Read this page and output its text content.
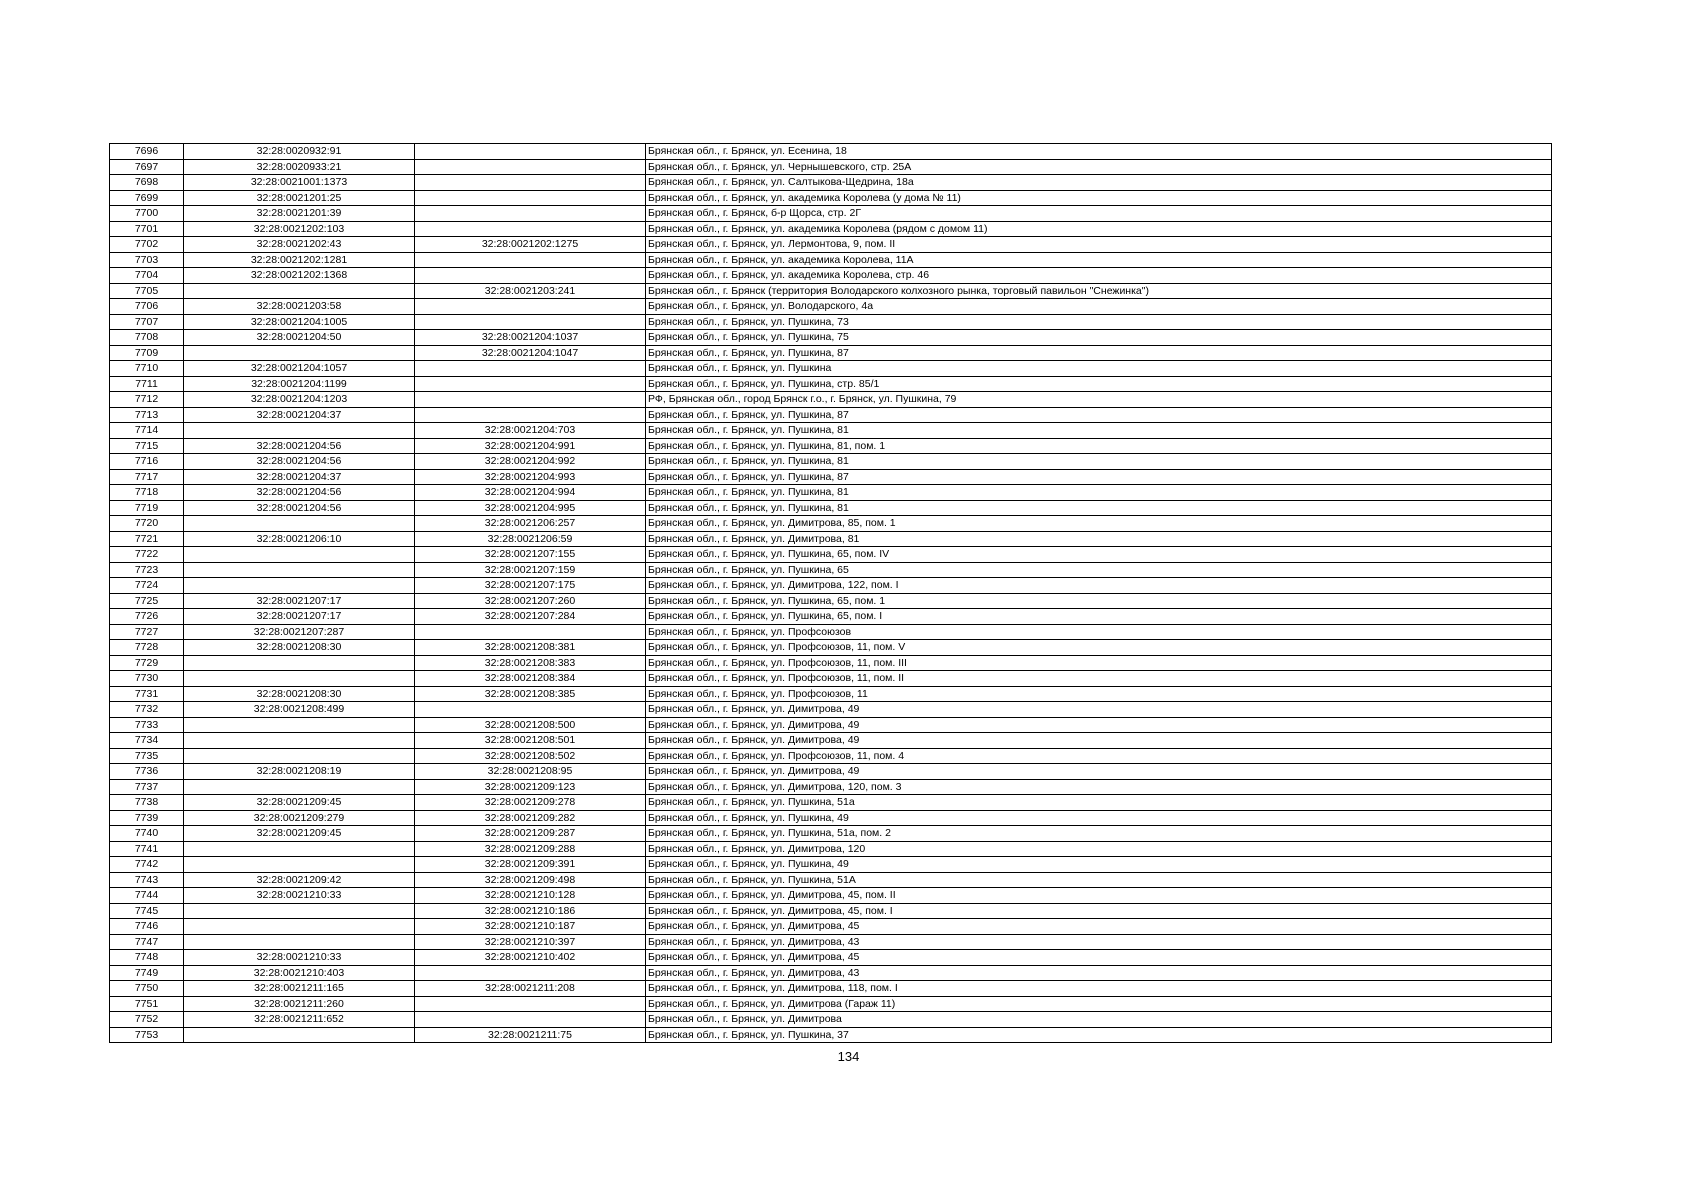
7696	32:28:0020932:91		Брянская обл., г. Брянск, ул. Есенина, 18
7697	32:28:0020933:21		Брянская обл., г. Брянск, ул. Чернышевского, стр. 25А
7698	32:28:0021001:1373		Брянская обл., г. Брянск, ул. Салтыкова-Щедрина, 18а
7699	32:28:0021201:25		Брянская обл., г. Брянск, ул. академика Королева (у дома № 11)
7700	32:28:0021201:39		Брянская обл., г. Брянск, б-р Щорса, стр. 2Г
7701	32:28:0021202:103		Брянская обл., г. Брянск, ул. академика Королева (рядом с домом 11)
7702	32:28:0021202:43	32:28:0021202:1275	Брянская обл., г. Брянск, ул. Лермонтова, 9, пом. II
7703	32:28:0021202:1281		Брянская обл., г. Брянск, ул. академика Королева, 11А
7704	32:28:0021202:1368		Брянская обл., г. Брянск, ул. академика Королева, стр. 46
7705		32:28:0021203:241	Брянская обл., г. Брянск (территория Володарского колхозного рынка, торговый павильон "Снежинка")
7706	32:28:0021203:58		Брянская обл., г. Брянск, ул. Володарского, 4а
7707	32:28:0021204:1005		Брянская обл., г. Брянск, ул. Пушкина, 73
7708	32:28:0021204:50	32:28:0021204:1037	Брянская обл., г. Брянск, ул. Пушкина, 75
7709		32:28:0021204:1047	Брянская обл., г. Брянск, ул. Пушкина, 87
7710	32:28:0021204:1057		Брянская обл., г. Брянск, ул. Пушкина
7711	32:28:0021204:1199		Брянская обл., г. Брянск, ул. Пушкина, стр. 85/1
7712	32:28:0021204:1203		РФ, Брянская обл., город Брянск г.о., г. Брянск, ул. Пушкина, 79
7713	32:28:0021204:37		Брянская обл., г. Брянск, ул. Пушкина, 87
7714		32:28:0021204:703	Брянская обл., г. Брянск, ул. Пушкина, 81
7715	32:28:0021204:56	32:28:0021204:991	Брянская обл., г. Брянск, ул. Пушкина, 81, пом. 1
7716	32:28:0021204:56	32:28:0021204:992	Брянская обл., г. Брянск, ул. Пушкина, 81
7717	32:28:0021204:37	32:28:0021204:993	Брянская обл., г. Брянск, ул. Пушкина, 87
7718	32:28:0021204:56	32:28:0021204:994	Брянская обл., г. Брянск, ул. Пушкина, 81
7719	32:28:0021204:56	32:28:0021204:995	Брянская обл., г. Брянск, ул. Пушкина, 81
7720		32:28:0021206:257	Брянская обл., г. Брянск, ул. Димитрова, 85, пом. 1
7721	32:28:0021206:10	32:28:0021206:59	Брянская обл., г. Брянск, ул. Димитрова, 81
7722		32:28:0021207:155	Брянская обл., г. Брянск, ул. Пушкина, 65, пом. IV
7723		32:28:0021207:159	Брянская обл., г. Брянск, ул. Пушкина, 65
7724		32:28:0021207:175	Брянская обл., г. Брянск, ул. Димитрова, 122, пом. I
7725	32:28:0021207:17	32:28:0021207:260	Брянская обл., г. Брянск, ул. Пушкина, 65, пом. 1
7726	32:28:0021207:17	32:28:0021207:284	Брянская обл., г. Брянск, ул. Пушкина, 65, пом. I
7727	32:28:0021207:287		Брянская обл., г. Брянск, ул. Профсоюзов
7728	32:28:0021208:30	32:28:0021208:381	Брянская обл., г. Брянск, ул. Профсоюзов, 11, пом. V
7729		32:28:0021208:383	Брянская обл., г. Брянск, ул. Профсоюзов, 11, пом. III
7730		32:28:0021208:384	Брянская обл., г. Брянск, ул. Профсоюзов, 11, пом. II
7731	32:28:0021208:30	32:28:0021208:385	Брянская обл., г. Брянск, ул. Профсоюзов, 11
7732	32:28:0021208:499		Брянская обл., г. Брянск, ул. Димитрова, 49
7733		32:28:0021208:500	Брянская обл., г. Брянск, ул. Димитрова, 49
7734		32:28:0021208:501	Брянская обл., г. Брянск, ул. Димитрова, 49
7735		32:28:0021208:502	Брянская обл., г. Брянск, ул. Профсоюзов, 11, пом. 4
7736	32:28:0021208:19	32:28:0021208:95	Брянская обл., г. Брянск, ул. Димитрова, 49
7737		32:28:0021209:123	Брянская обл., г. Брянск, ул. Димитрова, 120, пом. 3
7738	32:28:0021209:45	32:28:0021209:278	Брянская обл., г. Брянск, ул. Пушкина, 51а
7739	32:28:0021209:279	32:28:0021209:282	Брянская обл., г. Брянск, ул. Пушкина, 49
7740	32:28:0021209:45	32:28:0021209:287	Брянская обл., г. Брянск, ул. Пушкина, 51а, пом. 2
7741		32:28:0021209:288	Брянская обл., г. Брянск, ул. Димитрова, 120
7742		32:28:0021209:391	Брянская обл., г. Брянск, ул. Пушкина, 49
7743	32:28:0021209:42	32:28:0021209:498	Брянская обл., г. Брянск, ул. Пушкина, 51А
7744	32:28:0021210:33	32:28:0021210:128	Брянская обл., г. Брянск, ул. Димитрова, 45, пом. II
7745		32:28:0021210:186	Брянская обл., г. Брянск, ул. Димитрова, 45, пом. I
7746		32:28:0021210:187	Брянская обл., г. Брянск, ул. Димитрова, 45
7747		32:28:0021210:397	Брянская обл., г. Брянск, ул. Димитрова, 43
7748	32:28:0021210:33	32:28:0021210:402	Брянская обл., г. Брянск, ул. Димитрова, 45
7749	32:28:0021210:403		Брянская обл., г. Брянск, ул. Димитрова, 43
7750	32:28:0021211:165	32:28:0021211:208	Брянская обл., г. Брянск, ул. Димитрова, 118, пом. I
7751	32:28:0021211:260		Брянская обл., г. Брянск, ул. Димитрова (Гараж 11)
7752	32:28:0021211:652		Брянская обл., г. Брянск, ул. Димитрова
7753		32:28:0021211:75	Брянская обл., г. Брянск, ул. Пушкина, 37
134
